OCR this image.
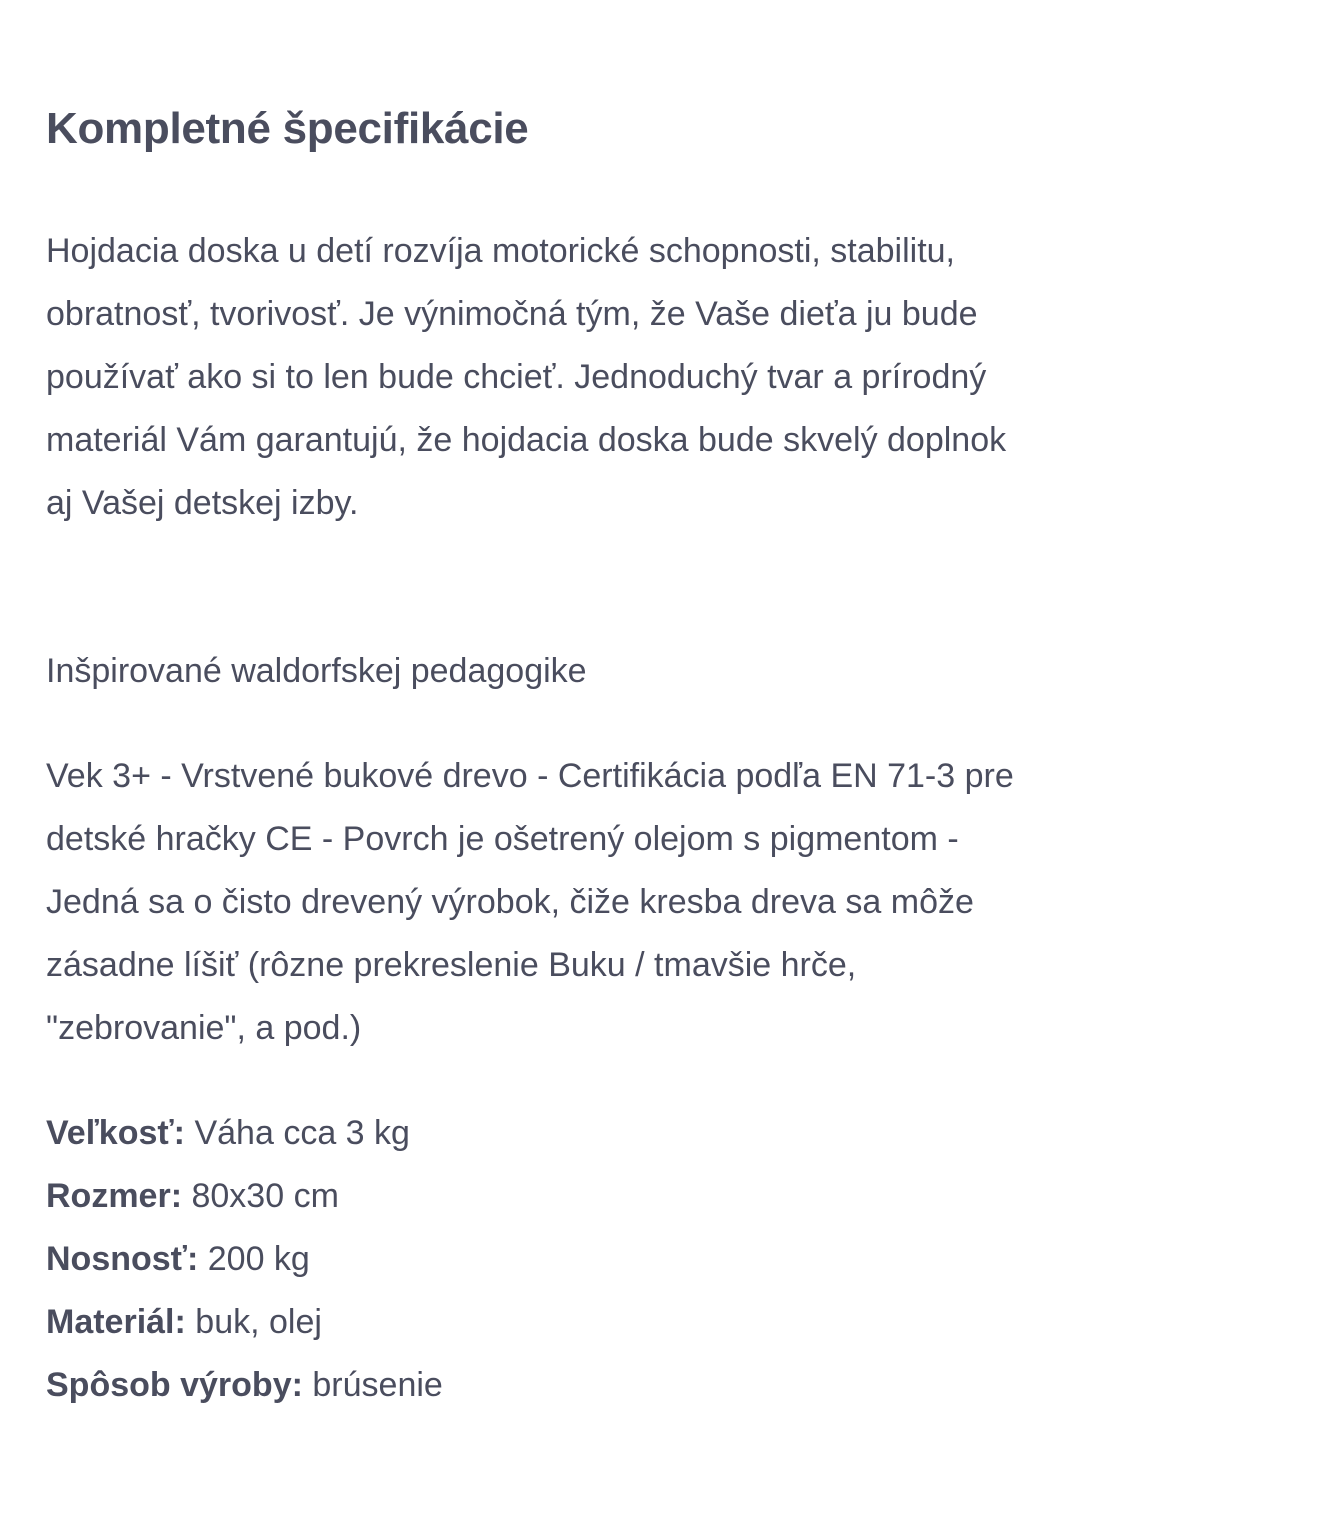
Kompletné špecifikácie

Hojdacia doska u detí rozvíja motorické schopnosti, stabilitu,
obratnosť, tvorivosť. Je výnimočná tým, že Vaše dieťa ju bude
používať ako si to len bude chcieť. Jednoduchý tvar a prírodný
materiál Vám garantujú, že hojdacia doska bude skvelý doplnok
aj Vašej detskej izby.

Inšpirované waldorfskej pedagogike

Vek 3+ - Vrstvené bukové drevo - Certifikácia podľa EN 71-3 pre
detské hračky CE - Povrch je ošetrený olejom s pigmentom -
Jedná sa o čisto drevený výrobok, čiže kresba dreva sa môže
zásadne líšiť (rôzne prekreslenie Buku / tmavšie hrče,
"zebrovanie", a pod.)

Veľkosť: Váha cca 3 kg
Rozmer: 80x30 cm
Nosnosť: 200 kg
Materiál: buk, olej
Spôsob výroby: brúsenie
